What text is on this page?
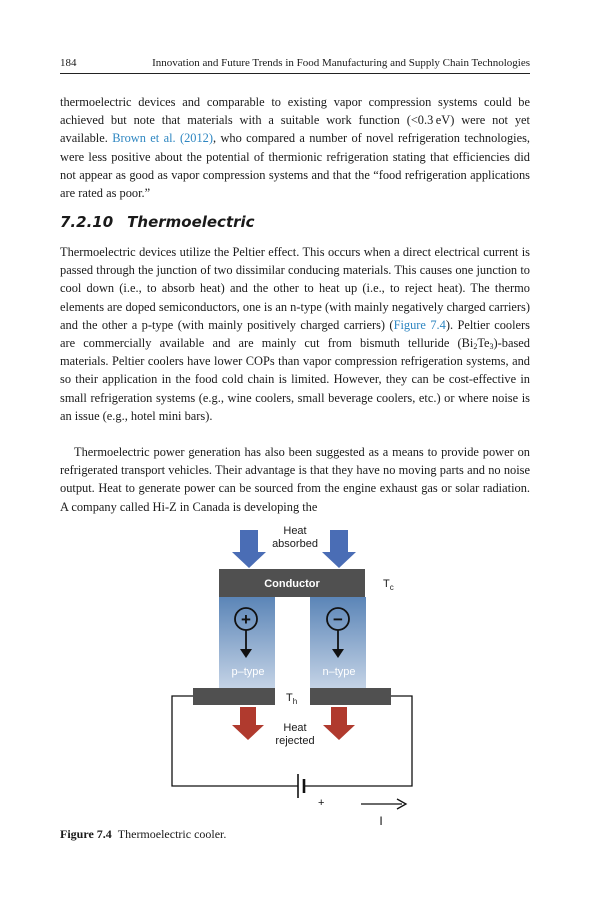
184	Innovation and Future Trends in Food Manufacturing and Supply Chain Technologies

thermoelectric devices and comparable to existing vapor compression systems could be achieved but note that materials with a suitable work function (<0.3 eV) were not yet available. Brown et al. (2012), who compared a number of novel refrigeration technologies, were less positive about the potential of thermionic refrigeration stating that efficiencies did not appear as good as vapor compression systems and that the “food refrigeration applications are rated as poor.”

7.2.10 Thermoelectric

Thermoelectric devices utilize the Peltier effect. This occurs when a direct electrical current is passed through the junction of two dissimilar conducing materials. This causes one junction to cool down (i.e., to absorb heat) and the other to heat up (i.e., to reject heat). The thermo elements are doped semiconductors, one is an n-type (with mainly negatively charged carriers) and the other a p-type (with mainly positively charged carriers) (Figure 7.4). Peltier coolers are commercially available and are mainly cut from bismuth telluride $(Bi_2Te_3)$-based materials. Peltier coolers have lower COPs than vapor compression refrigeration systems, and so their application in the food cold chain is limited. However, they can be cost-effective in small refrigeration systems (e.g., wine coolers, small beverage coolers, etc.) or where noise is an issue (e.g., hotel mini bars).

Thermoelectric power generation has also been suggested as a means to provide power on refrigerated transport vehicles. Their advantage is that they have no moving parts and no noise output. Heat to generate power can be sourced from the engine exhaust gas or solar radiation. A company called Hi-Z in Canada is developing the

Heat
absorbed
Conductor	$T_c$
+	−
p–type	n–type
$T_h$
Heat
rejected
+
I
Figure 7.4 Thermoelectric cooler.
